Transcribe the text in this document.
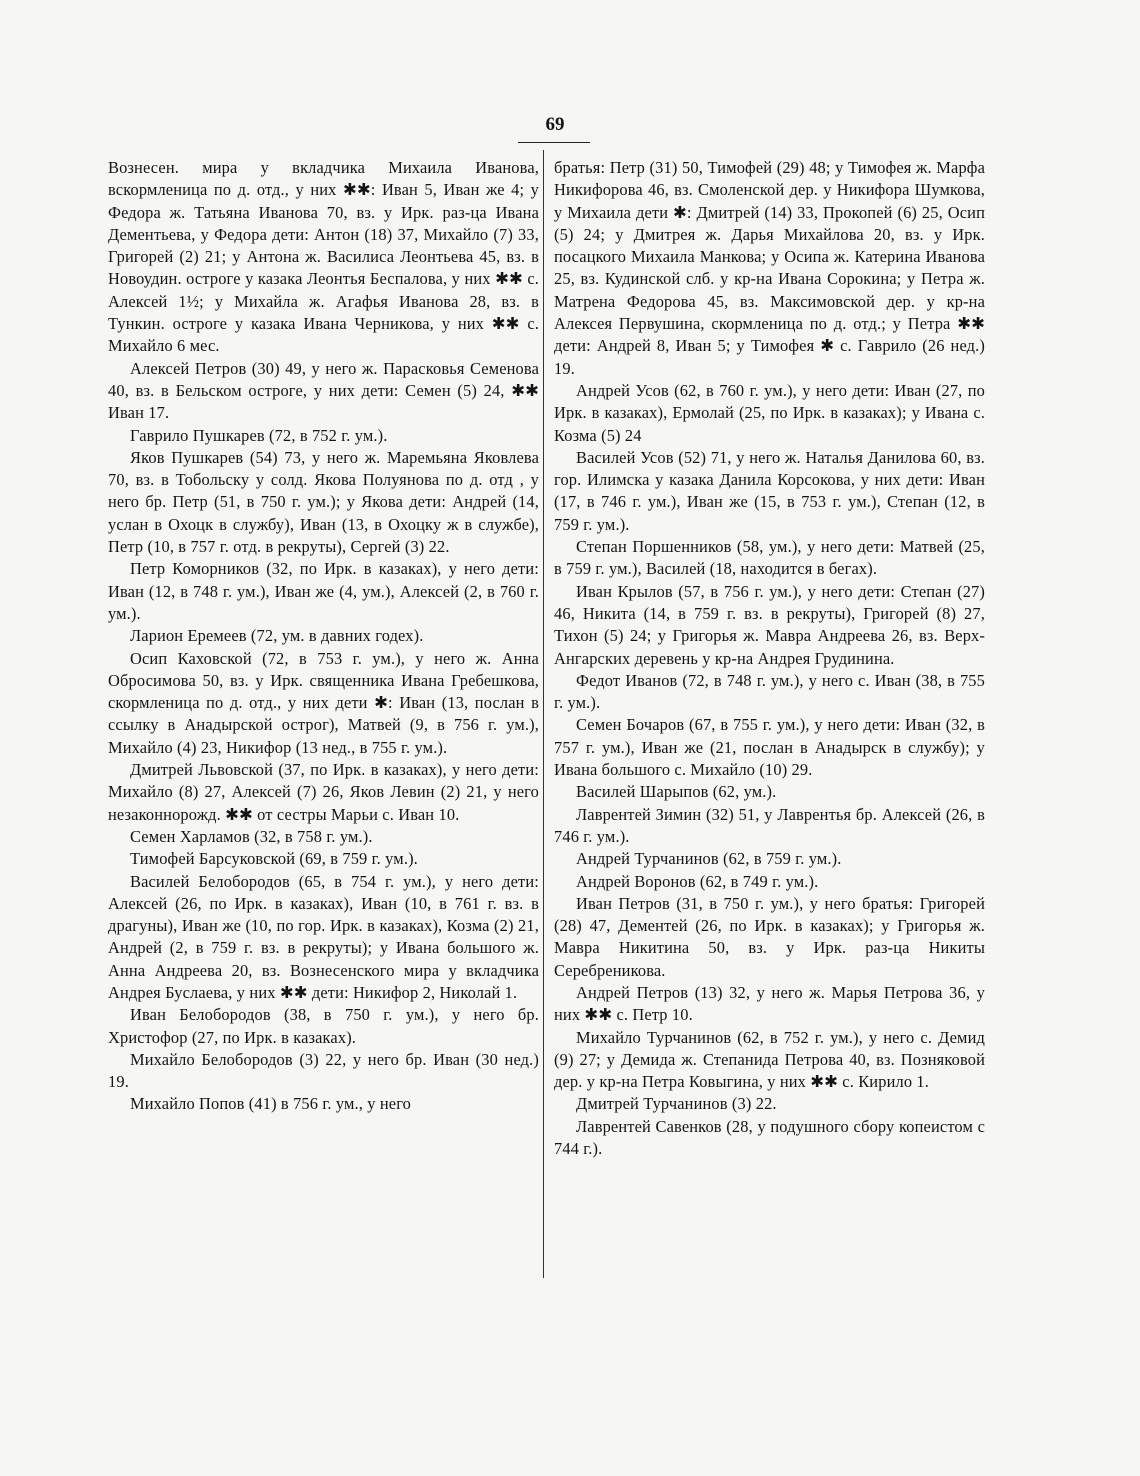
69

Вознесен. мира у вкладчика Михаила Иванова, вскормленица по д. отд., у них ✱✱: Иван 5, Иван же 4; у Федора ж. Татьяна Иванова 70, вз. у Ирк. раз-ца Ивана Дементьева, у Федора дети: Антон (18) 37, Михайло (7) 33, Григорей (2) 21; у Антона ж. Василиса Леонтьева 45, вз. в Новоудин. остроге у казака Леонтья Беспалова, у них ✱✱ с. Алексей 1½; у Михайла ж. Агафья Иванова 28, вз. в Тункин. остроге у казака Ивана Черникова, у них ✱✱ с. Михайло 6 мес.

Алексей Петров (30) 49, у него ж. Парасковья Семенова 40, вз. в Бельском остроге, у них дети: Семен (5) 24, ✱✱ Иван 17.

Гаврило Пушкарев (72, в 752 г. ум.).

Яков Пушкарев (54) 73, у него ж. Маремьяна Яковлева 70, вз. в Тобольску у солд. Якова Полуянова по д. отд , у него бр. Петр (51, в 750 г. ум.); у Якова дети: Андрей (14, услан в Охоцк в службу), Иван (13, в Охоцку ж в службе), Петр (10, в 757 г. отд. в рекруты), Сергей (3) 22.

Петр Коморников (32, по Ирк. в казаках), у него дети: Иван (12, в 748 г. ум.), Иван же (4, ум.), Алексей (2, в 760 г. ум.).

Ларион Еремеев (72, ум. в давних годех).

Осип Каховской (72, в 753 г. ум.), у него ж. Анна Обросимова 50, вз. у Ирк. священника Ивана Гребешкова, скормленица по д. отд., у них дети ✱: Иван (13, послан в ссылку в Анадырской острог), Матвей (9, в 756 г. ум.), Михайло (4) 23, Никифор (13 нед., в 755 г. ум.).

Дмитрей Львовской (37, по Ирк. в казаках), у него дети: Михайло (8) 27, Алексей (7) 26, Яков Левин (2) 21, у него незаконнорожд. ✱✱ от сестры Марьи с. Иван 10.

Семен Харламов (32, в 758 г. ум.).

Тимофей Барсуковской (69, в 759 г. ум.).

Василей Белобородов (65, в 754 г. ум.), у него дети: Алексей (26, по Ирк. в казаках), Иван (10, в 761 г. вз. в драгуны), Иван же (10, по гор. Ирк. в казаках), Козма (2) 21, Андрей (2, в 759 г. вз. в рекруты); у Ивана большого ж. Анна Андреева 20, вз. Вознесенского мира у вкладчика Андрея Буслаева, у них ✱✱ дети: Никифор 2, Николай 1.

Иван Белобородов (38, в 750 г. ум.), у него бр. Христофор (27, по Ирк. в казаках).

Михайло Белобородов (3) 22, у него бр. Иван (30 нед.) 19.

Михайло Попов (41) в 756 г. ум., у него

братья: Петр (31) 50, Тимофей (29) 48; у Тимофея ж. Марфа Никифорова 46, вз. Смоленской дер. у Никифора Шумкова, у Михаила дети ✱: Дмитрей (14) 33, Прокопей (6) 25, Осип (5) 24; у Дмитрея ж. Дарья Михайлова 20, вз. у Ирк. посацкого Михаила Манкова; у Осипа ж. Катерина Иванова 25, вз. Кудинской слб. у кр-на Ивана Сорокина; у Петра ж. Матрена Федорова 45, вз. Максимовской дер. у кр-на Алексея Первушина, скормленица по д. отд.; у Петра ✱✱ дети: Андрей 8, Иван 5; у Тимофея ✱ с. Гаврило (26 нед.) 19.

Андрей Усов (62, в 760 г. ум.), у него дети: Иван (27, по Ирк. в казаках), Ермолай (25, по Ирк. в казаках); у Ивана с. Козма (5) 24

Василей Усов (52) 71, у него ж. Наталья Данилова 60, вз. гор. Илимска у казака Данила Корсокова, у них дети: Иван (17, в 746 г. ум.), Иван же (15, в 753 г. ум.), Степан (12, в 759 г. ум.).

Степан Поршенников (58, ум.), у него дети: Матвей (25, в 759 г. ум.), Василей (18, находится в бегах).

Иван Крылов (57, в 756 г. ум.), у него дети: Степан (27) 46, Никита (14, в 759 г. вз. в рекруты), Григорей (8) 27, Тихон (5) 24; у Григорья ж. Мавра Андреева 26, вз. Верх-Ангарских деревень у кр-на Андрея Грудинина.

Федот Иванов (72, в 748 г. ум.), у него с. Иван (38, в 755 г. ум.).

Семен Бочаров (67, в 755 г. ум.), у него дети: Иван (32, в 757 г. ум.), Иван же (21, послан в Анадырск в службу); у Ивана большого с. Михайло (10) 29.

Василей Шарыпов (62, ум.).

Лаврентей Зимин (32) 51, у Лаврентья бр. Алексей (26, в 746 г. ум.).

Андрей Турчанинов (62, в 759 г. ум.).

Андрей Воронов (62, в 749 г. ум.).

Иван Петров (31, в 750 г. ум.), у него братья: Григорей (28) 47, Дементей (26, по Ирк. в казаках); у Григорья ж. Мавра Никитина 50, вз. у Ирк. раз-ца Никиты Серебреникова.

Андрей Петров (13) 32, у него ж. Марья Петрова 36, у них ✱✱ с. Петр 10.

Михайло Турчанинов (62, в 752 г. ум.), у него с. Демид (9) 27; у Демида ж. Степанида Петрова 40, вз. Позняковой дер. у кр-на Петра Ковыгина, у них ✱✱ с. Кирило 1.

Дмитрей Турчанинов (3) 22.

Лаврентей Савенков (28, у подушного сбору копеистом с 744 г.).
